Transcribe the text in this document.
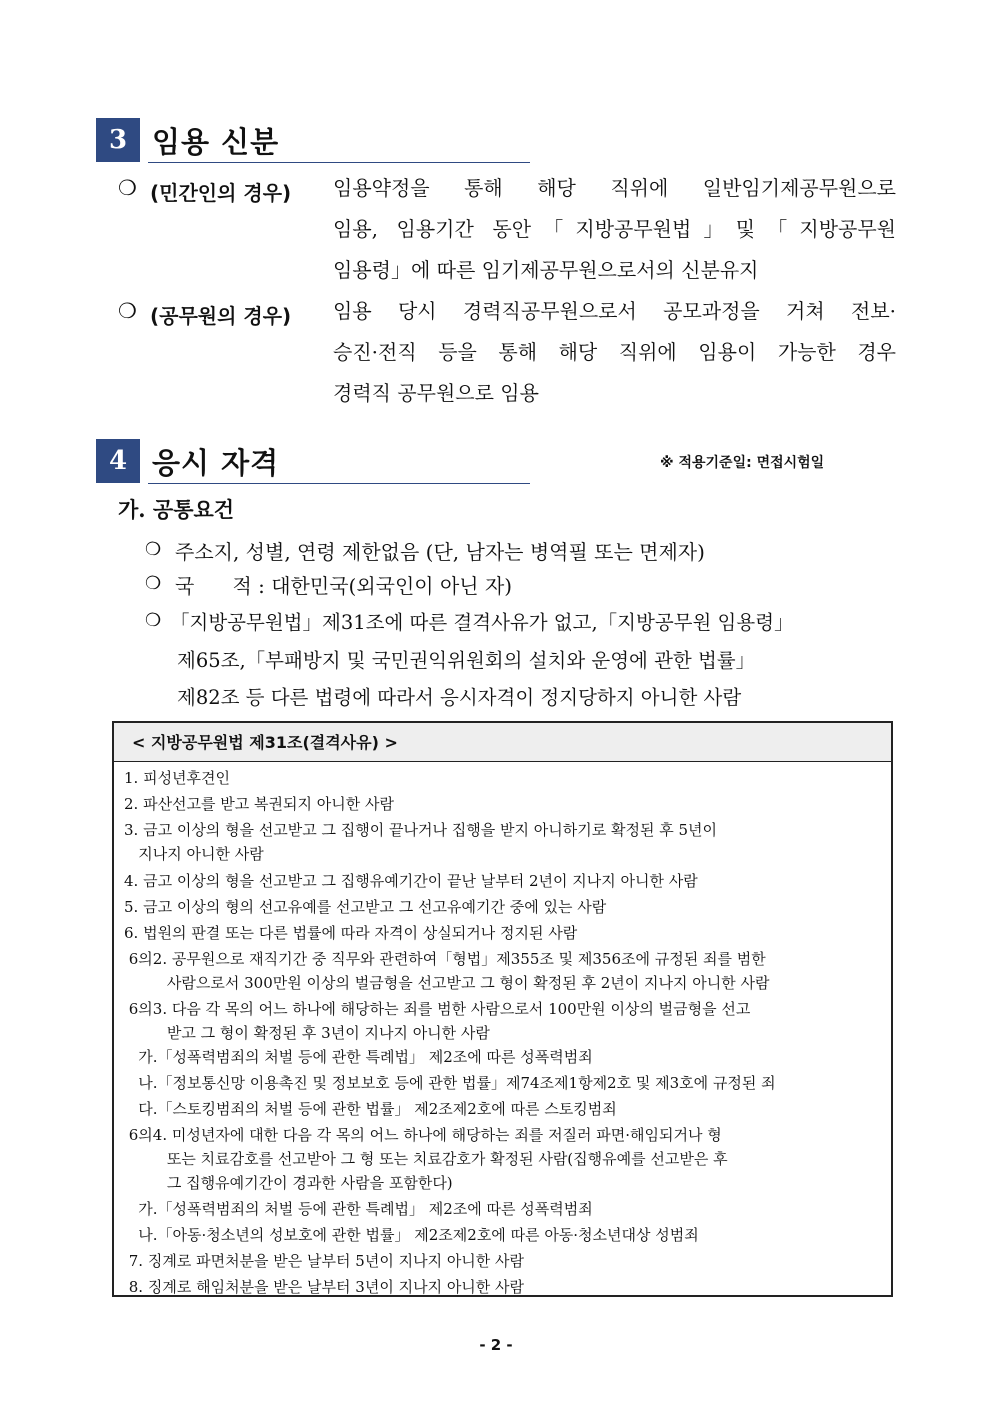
3 임용 신분
❍ (민간인의 경우) 임용약정을 통해 해당 직위에 일반임기제공무원으로
임용, 임용기간 동안「지방공무원법」및「지방공무원
임용령」에 따른 임기제공무원으로서의 신분유지
❍ (공무원의 경우) 임용 당시 경력직공무원으로서 공모과정을 거쳐 전보·
승진·전직 등을 통해 해당 직위에 임용이 가능한 경우
경력직 공무원으로 임용
4 응시 자격	※ 적용기준일: 면접시험일
가. 공통요건
❍ 주소지, 성별, 연령 제한없음 (단, 남자는 병역필 또는 면제자)
❍ 국      적 : 대한민국(외국인이 아닌 자)
❍ 「지방공무원법」제31조에 따른 결격사유가 없고,「지방공무원 임용령」
제65조,「부패방지 및 국민권익위원회의 설치와 운영에 관한 법률」
제82조 등 다른 법령에 따라서 응시자격이 정지당하지 아니한 사람
< 지방공무원법 제31조(결격사유) >
1. 피성년후견인
2. 파산선고를 받고 복권되지 아니한 사람
3. 금고 이상의 형을 선고받고 그 집행이 끝나거나 집행을 받지 아니하기로 확정된 후 5년이
지나지 아니한 사람
4. 금고 이상의 형을 선고받고 그 집행유예기간이 끝난 날부터 2년이 지나지 아니한 사람
5. 금고 이상의 형의 선고유예를 선고받고 그 선고유예기간 중에 있는 사람
6. 법원의 판결 또는 다른 법률에 따라 자격이 상실되거나 정지된 사람
6의2. 공무원으로 재직기간 중 직무와 관련하여「형법」제355조 및 제356조에 규정된 죄를 범한
사람으로서 300만원 이상의 벌금형을 선고받고 그 형이 확정된 후 2년이 지나지 아니한 사람
6의3. 다음 각 목의 어느 하나에 해당하는 죄를 범한 사람으로서 100만원 이상의 벌금형을 선고
받고 그 형이 확정된 후 3년이 지나지 아니한 사람
가.「성폭력범죄의 처벌 등에 관한 특례법」 제2조에 따른 성폭력범죄
나.「정보통신망 이용촉진 및 정보보호 등에 관한 법률」제74조제1항제2호 및 제3호에 규정된 죄
다.「스토킹범죄의 처벌 등에 관한 법률」 제2조제2호에 따른 스토킹범죄
6의4. 미성년자에 대한 다음 각 목의 어느 하나에 해당하는 죄를 저질러 파면·해임되거나 형
또는 치료감호를 선고받아 그 형 또는 치료감호가 확정된 사람(집행유예를 선고받은 후
그 집행유예기간이 경과한 사람을 포함한다)
가.「성폭력범죄의 처벌 등에 관한 특례법」 제2조에 따른 성폭력범죄
나.「아동·청소년의 성보호에 관한 법률」 제2조제2호에 따른 아동·청소년대상 성범죄
7. 징계로 파면처분을 받은 날부터 5년이 지나지 아니한 사람
8. 징계로 해임처분을 받은 날부터 3년이 지나지 아니한 사람
- 2 -
